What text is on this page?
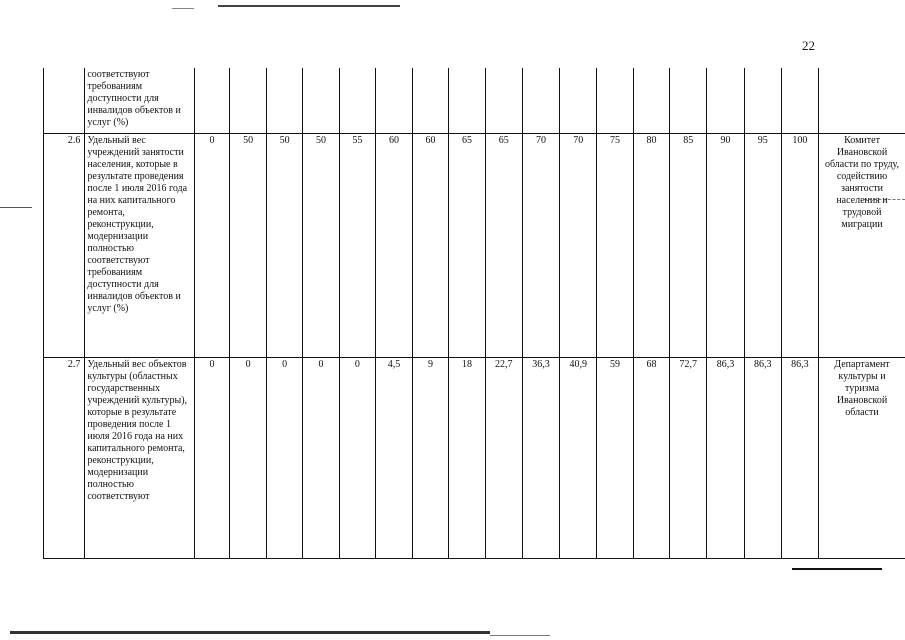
22
	соответствуют требованиям доступности для инвалидов объектов и услуг (%)	

2.6	Удельный вес учреждений занятости населения, которые в результате проведения после 1 июля 2016 года на них капитального ремонта, реконструкции, модернизации полностью соответствуют требованиям доступности для инвалидов объектов и услуг (%)	0	50	50	50	55	60	60	65	65	70	70	75	80	85	90	95	100	Комитет Ивановской области по труду, содействию занятости населения и трудовой миграции
2.7	Удельный вес объектов культуры (областных государственных учреждений культуры), которые в результате проведения после 1 июля 2016 года на них капитального ремонта, реконструкции, модернизации полностью соответствуют	0	0	0	0	0	4,5	9	18	22,7	36,3	40,9	59	68	72,7	86,3	86,3	86,3	Департамент культуры и туризма Ивановской области
